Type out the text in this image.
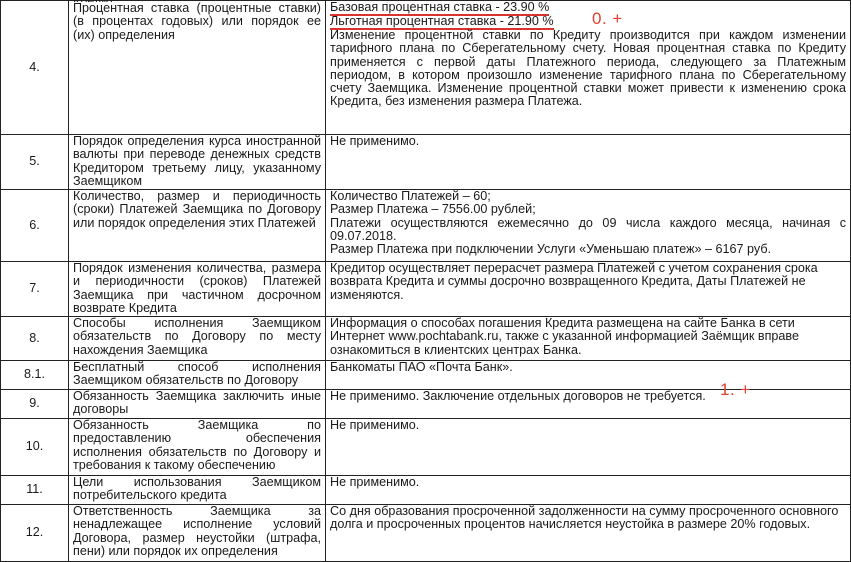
4.	Процентная ставка (процентные ставки) (в процентах годовых) или порядок ее (их) определения	Базовая процентная ставка - 23.90 %
Льготная процентная ставка - 21.90 %
Изменение процентной ставки по Кредиту производится при каждом изменении тарифного плана по Сберегательному счету. Новая процентная ставка по Кредиту применяется с первой даты Платежного периода, следующего за Платежным периодом, в котором произошло изменение тарифного плана по Сберегательному счету Заемщика. Изменение процентной ставки может привести к изменению срока Кредита, без изменения размера Платежа.

5.	Порядок определения курса иностранной валюты при переводе денежных средств Кредитором третьему лицу, указанному Заемщиком	Не применимо.
6.	Количество, размер и периодичность (сроки) Платежей Заемщика по Договору или порядок определения этих Платежей	Количество Платежей – 60;
Размер Платежа – 7556.00 рублей;
Платежи осуществляются ежемесячно до 09 числа каждого месяца, начиная с 09.07.2018.
Размер Платежа при подключении Услуги «Уменьшаю платеж» – 6167 руб.

7.	Порядок изменения количества, размера и периодичности (сроков) Платежей Заемщика при частичном досрочном возврате Кредита	Кредитор осуществляет перерасчет размера Платежей с учетом сохранения срока возврата Кредита и суммы досрочно возвращенного Кредита, Даты Платежей не изменяются.
8.	Способы исполнения Заемщиком обязательств по Договору по месту нахождения Заемщика	Информация о способах погашения Кредита размещена на сайте Банка в сети Интернет www.pochtabank.ru, также с указанной информацией Заёмщик вправе ознакомиться в клиентских центрах Банка.
8.1.	Бесплатный способ исполнения Заемщиком обязательств по Договору	Банкоматы ПАО «Почта Банк».
9.	Обязанность Заемщика заключить иные договоры	Не применимо. Заключение отдельных договоров не требуется.
10.	Обязанность Заемщика по предоставлению обеспечения исполнения обязательств по Договору и требования к такому обеспечению	Не применимо.
11.	Цели использования Заемщиком потребительского кредита	Не применимо.
12.	Ответственность Заемщика за ненадлежащее исполнение условий Договора, размер неустойки (штрафа, пени) или порядок их определения	Со дня образования просроченной задолженности на сумму просроченного основного долга и просроченных процентов начисляется неустойка в размере 20% годовых.
0. +
1. +
